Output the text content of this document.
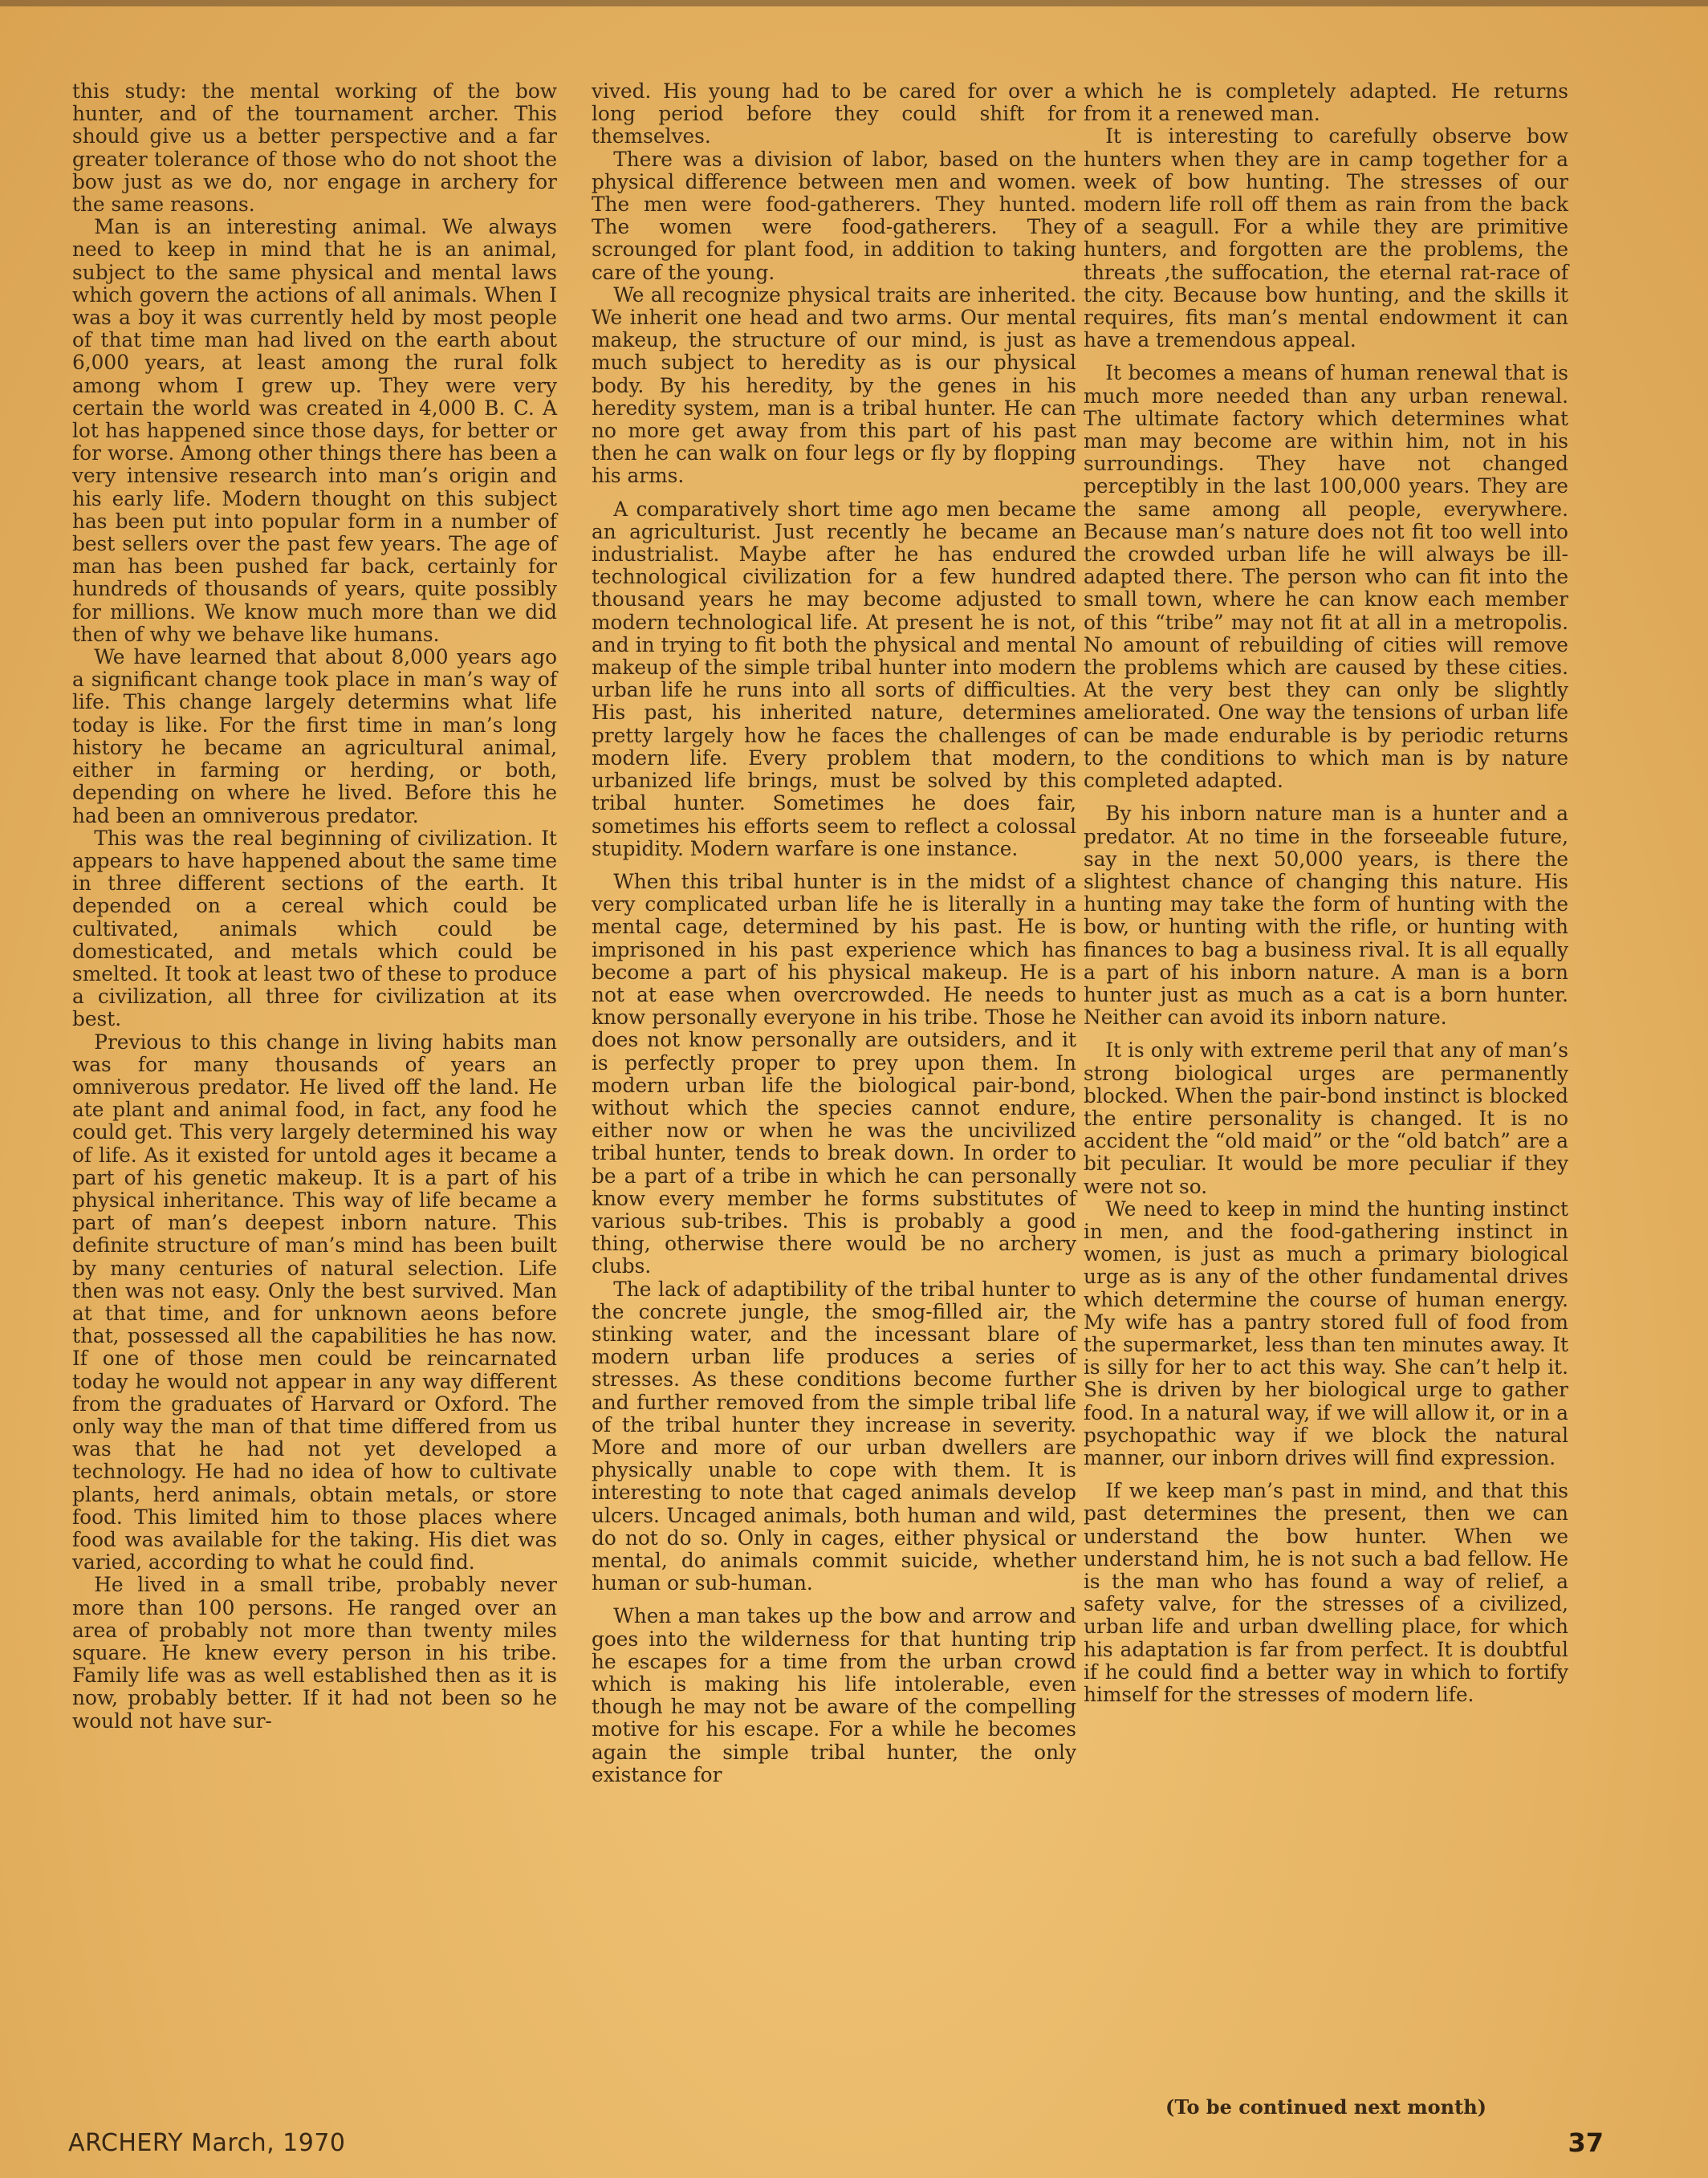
this study: the mental working of the bow hunter, and of the tournament archer. This should give us a better perspective and a far greater tolerance of those who do not shoot the bow just as we do, nor engage in archery for the same reasons.

Man is an interesting animal. We always need to keep in mind that he is an animal, subject to the same physical and mental laws which govern the actions of all animals. When I was a boy it was currently held by most people of that time man had lived on the earth about 6,000 years, at least among the rural folk among whom I grew up. They were very certain the world was created in 4,000 B. C. A lot has happened since those days, for better or for worse. Among other things there has been a very intensive research into man’s origin and his early life. Modern thought on this subject has been put into popular form in a number of best sellers over the past few years. The age of man has been pushed far back, certainly for hundreds of thousands of years, quite possibly for millions. We know much more than we did then of why we behave like humans.

We have learned that about 8,000 years ago a significant change took place in man’s way of life. This change largely determins what life today is like. For the first time in man’s long history he became an agricultural animal, either in farming or herding, or both, depending on where he lived. Before this he had been an omniverous predator.

This was the real beginning of civilization. It appears to have happened about the same time in three different sections of the earth. It depended on a cereal which could be cultivated, animals which could be domesticated, and metals which could be smelted. It took at least two of these to produce a civilization, all three for civilization at its best.

Previous to this change in living habits man was for many thousands of years an omniverous predator. He lived off the land. He ate plant and animal food, in fact, any food he could get. This very largely determined his way of life. As it existed for untold ages it became a part of his genetic makeup. It is a part of his physical inheritance. This way of life became a part of man’s deepest inborn nature. This definite structure of man’s mind has been built by many centuries of natural selection. Life then was not easy. Only the best survived. Man at that time, and for unknown aeons before that, possessed all the capabilities he has now. If one of those men could be reincarnated today he would not appear in any way different from the graduates of Harvard or Oxford. The only way the man of that time differed from us was that he had not yet developed a technology. He had no idea of how to cultivate plants, herd animals, obtain metals, or store food. This limited him to those places where food was available for the taking. His diet was varied, according to what he could find.

He lived in a small tribe, probably never more than 100 persons. He ranged over an area of probably not more than twenty miles square. He knew every person in his tribe. Family life was as well established then as it is now, probably better. If it had not been so he would not have sur-

vived. His young had to be cared for over a long period before they could shift for themselves.

There was a division of labor, based on the physical difference between men and women. The men were food-gatherers. They hunted. The women were food-gatherers. They scrounged for plant food, in addition to taking care of the young.

We all recognize physical traits are inherited. We inherit one head and two arms. Our mental makeup, the structure of our mind, is just as much subject to heredity as is our physical body. By his heredity, by the genes in his heredity system, man is a tribal hunter. He can no more get away from this part of his past then he can walk on four legs or fly by flopping his arms.

A comparatively short time ago men became an agriculturist. Just recently he became an industrialist. Maybe after he has endured technological civilization for a few hundred thousand years he may become adjusted to modern technological life. At present he is not, and in trying to fit both the physical and mental makeup of the simple tribal hunter into modern urban life he runs into all sorts of difficulties. His past, his inherited nature, determines pretty largely how he faces the challenges of modern life. Every problem that modern, urbanized life brings, must be solved by this tribal hunter. Sometimes he does fair, sometimes his efforts seem to reflect a colossal stupidity. Modern warfare is one instance.

When this tribal hunter is in the midst of a very complicated urban life he is literally in a mental cage, determined by his past. He is imprisoned in his past experience which has become a part of his physical makeup. He is not at ease when overcrowded. He needs to know personally everyone in his tribe. Those he does not know personally are outsiders, and it is perfectly proper to prey upon them. In modern urban life the biological pair-bond, without which the species cannot endure, either now or when he was the uncivilized tribal hunter, tends to break down. In order to be a part of a tribe in which he can personally know every member he forms substitutes of various sub-tribes. This is probably a good thing, otherwise there would be no archery clubs.

The lack of adaptibility of the tribal hunter to the concrete jungle, the smog-filled air, the stinking water, and the incessant blare of modern urban life produces a series of stresses. As these conditions become further and further removed from the simple tribal life of the tribal hunter they increase in severity. More and more of our urban dwellers are physically unable to cope with them. It is interesting to note that caged animals develop ulcers. Uncaged animals, both human and wild, do not do so. Only in cages, either physical or mental, do animals commit suicide, whether human or sub-human.

When a man takes up the bow and arrow and goes into the wilderness for that hunting trip he escapes for a time from the urban crowd which is making his life intolerable, even though he may not be aware of the compelling motive for his escape. For a while he becomes again the simple tribal hunter, the only existance for

which he is completely adapted. He returns from it a renewed man.

It is interesting to carefully observe bow hunters when they are in camp together for a week of bow hunting. The stresses of our modern life roll off them as rain from the back of a seagull. For a while they are primitive hunters, and forgotten are the problems, the threats ,the suffocation, the eternal rat-race of the city. Because bow hunting, and the skills it requires, fits man’s mental endowment it can have a tremendous appeal.

It becomes a means of human renewal that is much more needed than any urban renewal. The ultimate factory which determines what man may become are within him, not in his surroundings. They have not changed perceptibly in the last 100,000 years. They are the same among all people, everywhere. Because man’s nature does not fit too well into the crowded urban life he will always be ill-adapted there. The person who can fit into the small town, where he can know each member of this “tribe” may not fit at all in a metropolis. No amount of rebuilding of cities will remove the problems which are caused by these cities. At the very best they can only be slightly ameliorated. One way the tensions of urban life can be made endurable is by periodic returns to the conditions to which man is by nature completed adapted.

By his inborn nature man is a hunter and a predator. At no time in the forseeable future, say in the next 50,000 years, is there the slightest chance of changing this nature. His hunting may take the form of hunting with the bow, or hunting with the rifle, or hunting with finances to bag a business rival. It is all equally a part of his inborn nature. A man is a born hunter just as much as a cat is a born hunter. Neither can avoid its inborn nature.

It is only with extreme peril that any of man’s strong biological urges are permanently blocked. When the pair-bond instinct is blocked the entire personality is changed. It is no accident the “old maid” or the “old batch” are a bit peculiar. It would be more peculiar if they were not so.

We need to keep in mind the hunting instinct in men, and the food-gathering instinct in women, is just as much a primary biological urge as is any of the other fundamental drives which determine the course of human energy. My wife has a pantry stored full of food from the supermarket, less than ten minutes away. It is silly for her to act this way. She can’t help it. She is driven by her biological urge to gather food. In a natural way, if we will allow it, or in a psychopathic way if we block the natural manner, our inborn drives will find expression.

If we keep man’s past in mind, and that this past determines the present, then we can understand the bow hunter. When we understand him, he is not such a bad fellow. He is the man who has found a way of relief, a safety valve, for the stresses of a civilized, urban life and urban dwelling place, for which his adaptation is far from perfect. It is doubtful if he could find a better way in which to fortify himself for the stresses of modern life.

(To be continued next month)
ARCHERY March, 1970	37
